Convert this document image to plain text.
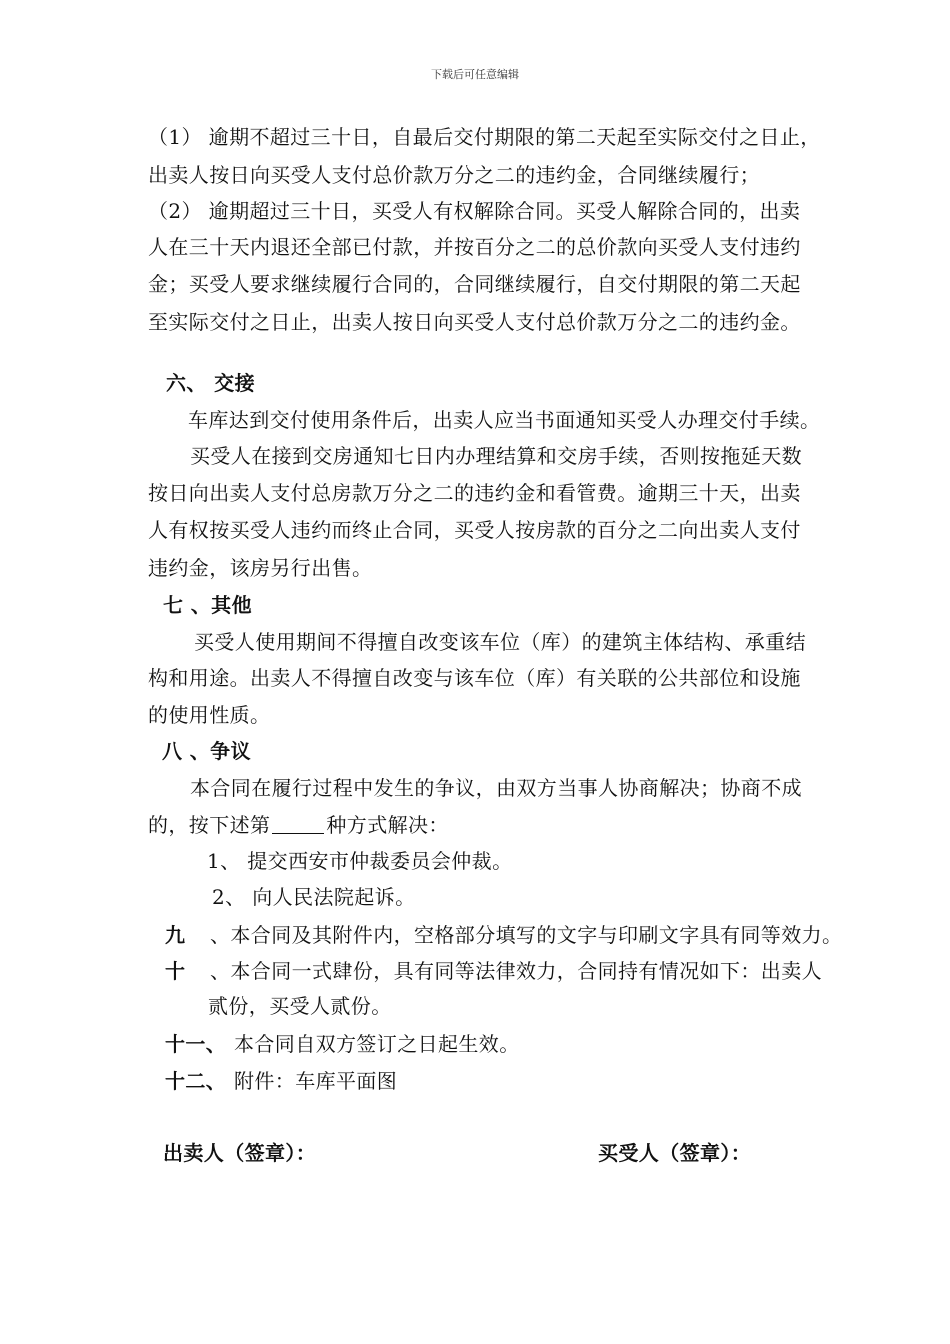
下载后可任意编辑
（1） 逾期不超过三十日，自最后交付期限的第二天起至实际交付之日止，
出卖人按日向买受人支付总价款万分之二的违约金，合同继续履行；
（2） 逾期超过三十日，买受人有权解除合同。买受人解除合同的，出卖
人在三十天内退还全部已付款，并按百分之二的总价款向买受人支付违约
金；买受人要求继续履行合同的，合同继续履行，自交付期限的第二天起
至实际交付之日止，出卖人按日向买受人支付总价款万分之二的违约金。
六、 交接
车库达到交付使用条件后，出卖人应当书面通知买受人办理交付手续。
买受人在接到交房通知七日内办理结算和交房手续，否则按拖延天数
按日向出卖人支付总房款万分之二的违约金和看管费。逾期三十天，出卖
人有权按买受人违约而终止合同，买受人按房款的百分之二向出卖人支付
违约金，该房另行出售。
七 、其他
买受人使用期间不得擅自改变该车位（库）的建筑主体结构、承重结
构和用途。出卖人不得擅自改变与该车位（库）有关联的公共部位和设施
的使用性质。
八 、争议
本合同在履行过程中发生的争议，由双方当事人协商解决；协商不成
的，按下述第	种方式解决：
1、 提交西安市仲裁委员会仲裁。
2、 向人民法院起诉。
九 、本合同及其附件内，空格部分填写的文字与印刷文字具有同等效力。
十 、本合同一式肆份，具有同等法律效力，合同持有情况如下：出卖人
贰份，买受人贰份。
十一、 本合同自双方签订之日起生效。
十二、 附件：车库平面图
出卖人（签章）：	买受人（签章）：
